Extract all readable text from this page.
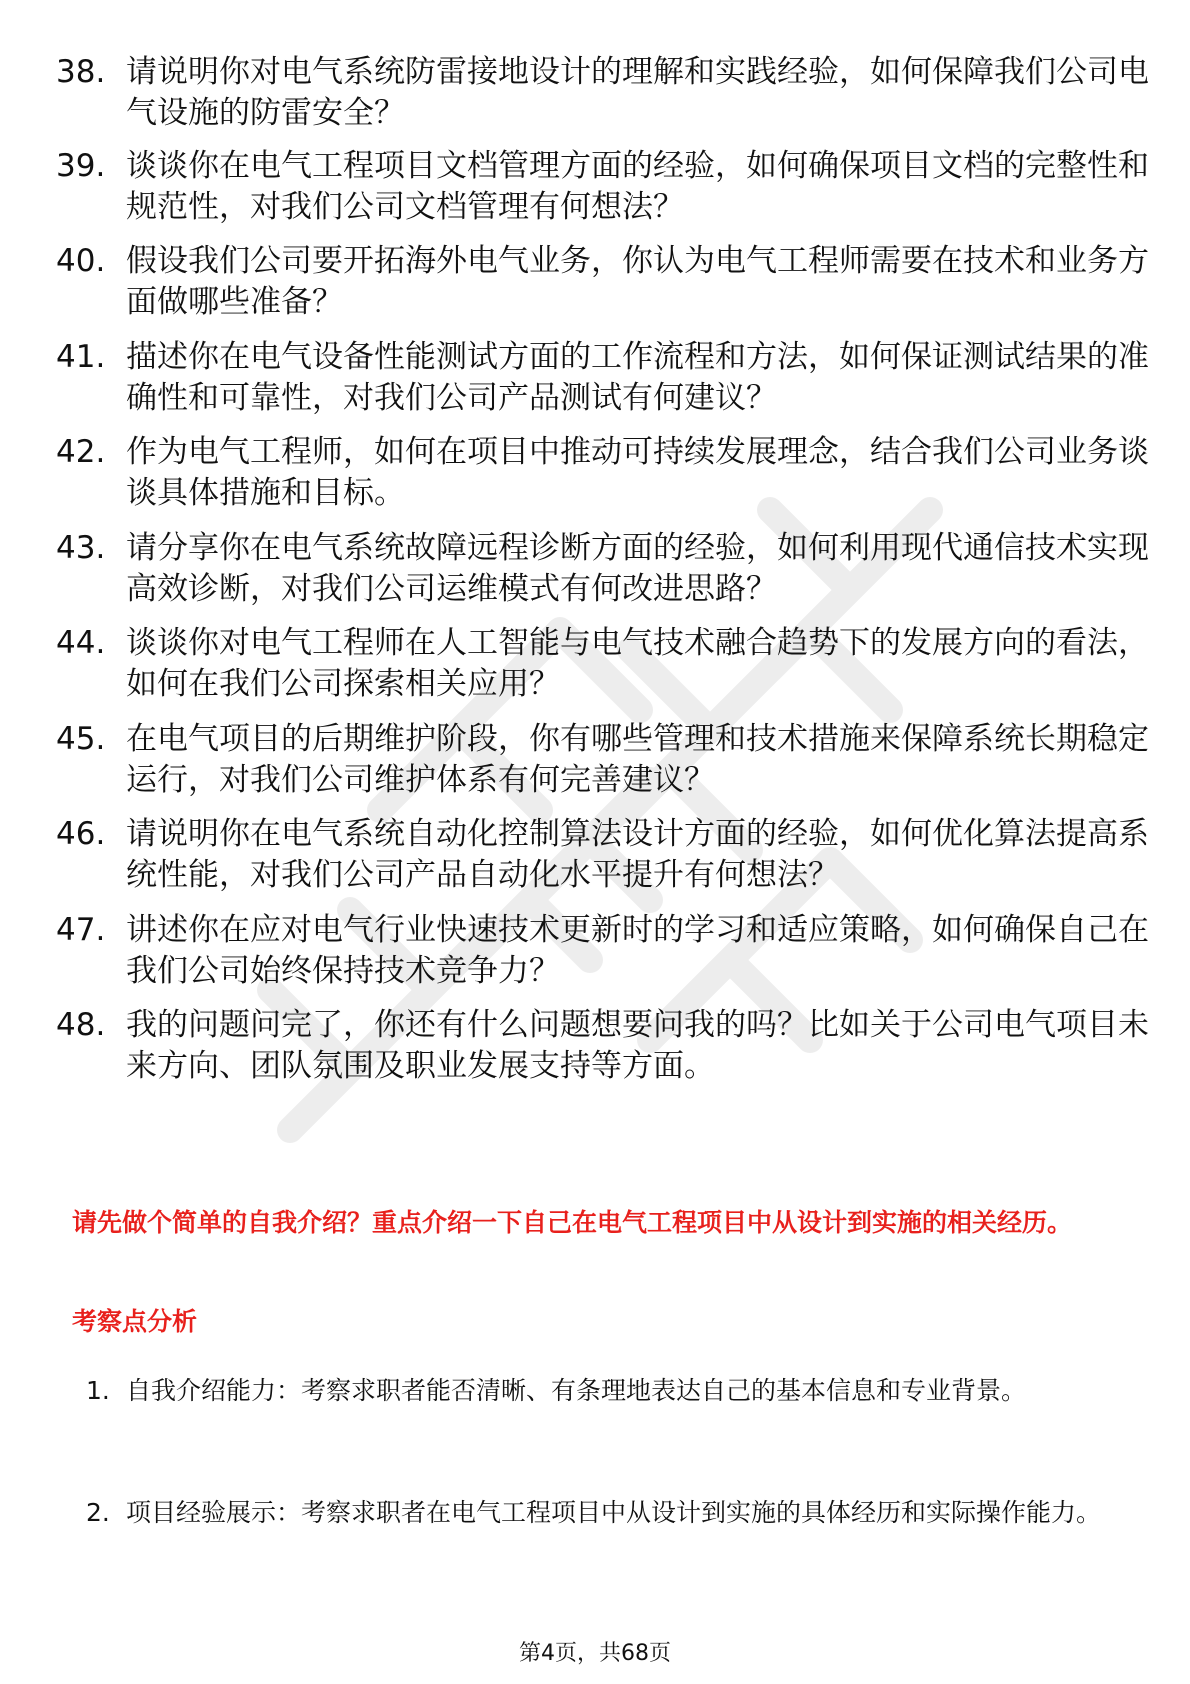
38. 请说明你对电气系统防雷接地设计的理解和实践经验，如何保障我们公司电气设施的防雷安全？
39. 谈谈你在电气工程项目文档管理方面的经验，如何确保项目文档的完整性和规范性，对我们公司文档管理有何想法？
40. 假设我们公司要开拓海外电气业务，你认为电气工程师需要在技术和业务方面做哪些准备？
41. 描述你在电气设备性能测试方面的工作流程和方法，如何保证测试结果的准确性和可靠性，对我们公司产品测试有何建议？
42. 作为电气工程师，如何在项目中推动可持续发展理念，结合我们公司业务谈谈具体措施和目标。
43. 请分享你在电气系统故障远程诊断方面的经验，如何利用现代通信技术实现高效诊断，对我们公司运维模式有何改进思路？
44. 谈谈你对电气工程师在人工智能与电气技术融合趋势下的发展方向的看法，如何在我们公司探索相关应用？
45. 在电气项目的后期维护阶段，你有哪些管理和技术措施来保障系统长期稳定运行，对我们公司维护体系有何完善建议？
46. 请说明你在电气系统自动化控制算法设计方面的经验，如何优化算法提高系统性能，对我们公司产品自动化水平提升有何想法？
47. 讲述你在应对电气行业快速技术更新时的学习和适应策略，如何确保自己在我们公司始终保持技术竞争力？
48. 我的问题问完了，你还有什么问题想要问我的吗？比如关于公司电气项目未来方向、团队氛围及职业发展支持等方面。
请先做个简单的自我介绍？重点介绍一下自己在电气工程项目中从设计到实施的相关经历。
考察点分析
1. 自我介绍能力：考察求职者能否清晰、有条理地表达自己的基本信息和专业背景。
2. 项目经验展示：考察求职者在电气工程项目中从设计到实施的具体经历和实际操作能力。
第4页，共68页
